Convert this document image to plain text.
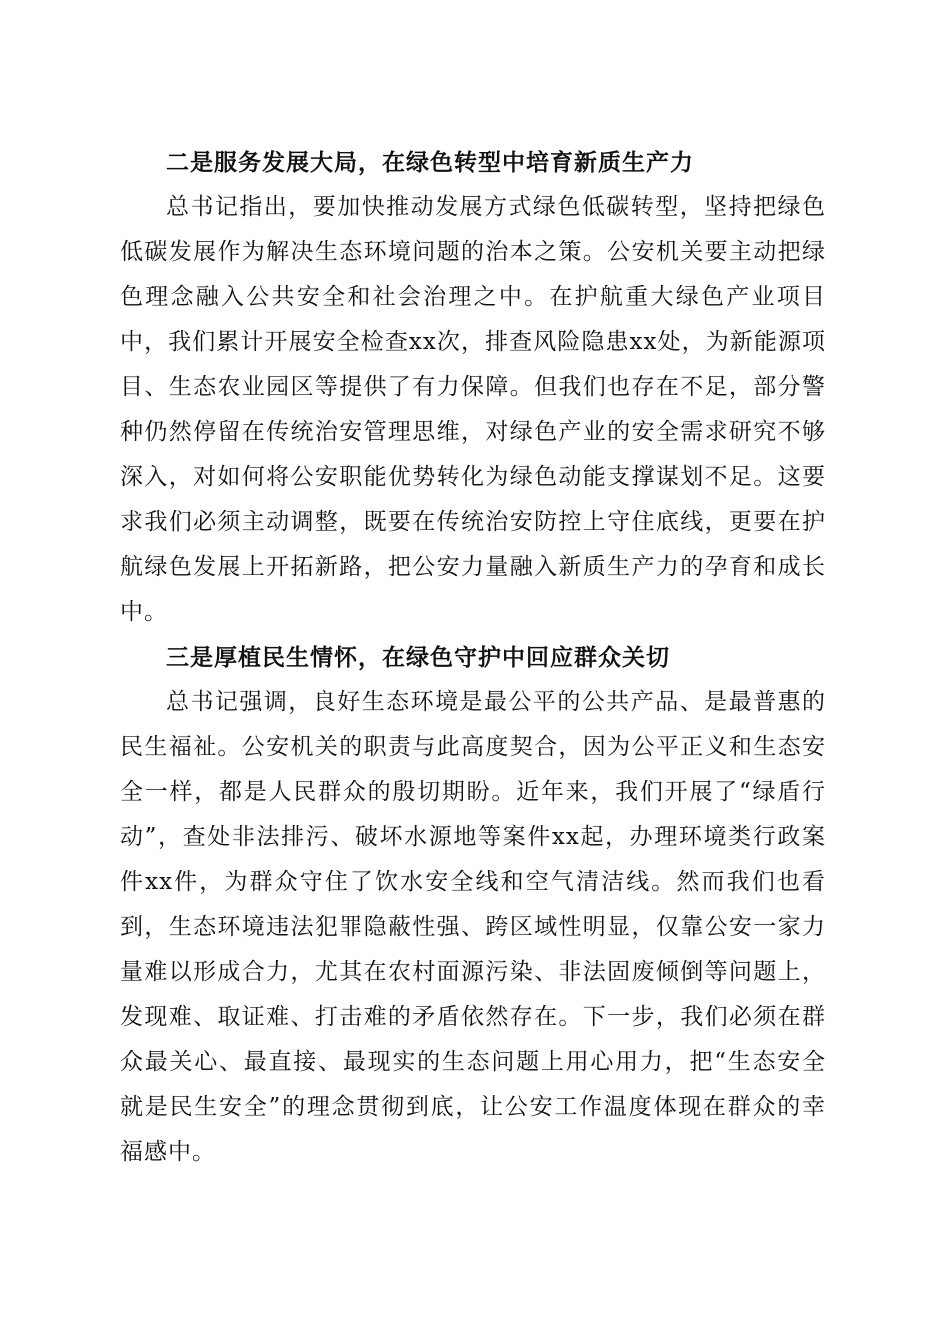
二是服务发展大局，在绿色转型中培育新质生产力

总书记指出，要加快推动发展方式绿色低碳转型，坚持把绿色低碳发展作为解决生态环境问题的治本之策。公安机关要主动把绿色理念融入公共安全和社会治理之中。在护航重大绿色产业项目中，我们累计开展安全检查xx次，排查风险隐患xx处，为新能源项目、生态农业园区等提供了有力保障。但我们也存在不足，部分警种仍然停留在传统治安管理思维，对绿色产业的安全需求研究不够深入，对如何将公安职能优势转化为绿色动能支撑谋划不足。这要求我们必须主动调整，既要在传统治安防控上守住底线，更要在护航绿色发展上开拓新路，把公安力量融入新质生产力的孕育和成长中。

三是厚植民生情怀，在绿色守护中回应群众关切

总书记强调，良好生态环境是最公平的公共产品、是最普惠的民生福祉。公安机关的职责与此高度契合，因为公平正义和生态安全一样，都是人民群众的殷切期盼。近年来，我们开展了“绿盾行动”，查处非法排污、破坏水源地等案件xx起，办理环境类行政案件xx件，为群众守住了饮水安全线和空气清洁线。然而我们也看到，生态环境违法犯罪隐蔽性强、跨区域性明显，仅靠公安一家力量难以形成合力，尤其在农村面源污染、非法固废倾倒等问题上，发现难、取证难、打击难的矛盾依然存在。下一步，我们必须在群众最关心、最直接、最现实的生态问题上用心用力，把“生态安全就是民生安全”的理念贯彻到底，让公安工作温度体现在群众的幸福感中。
